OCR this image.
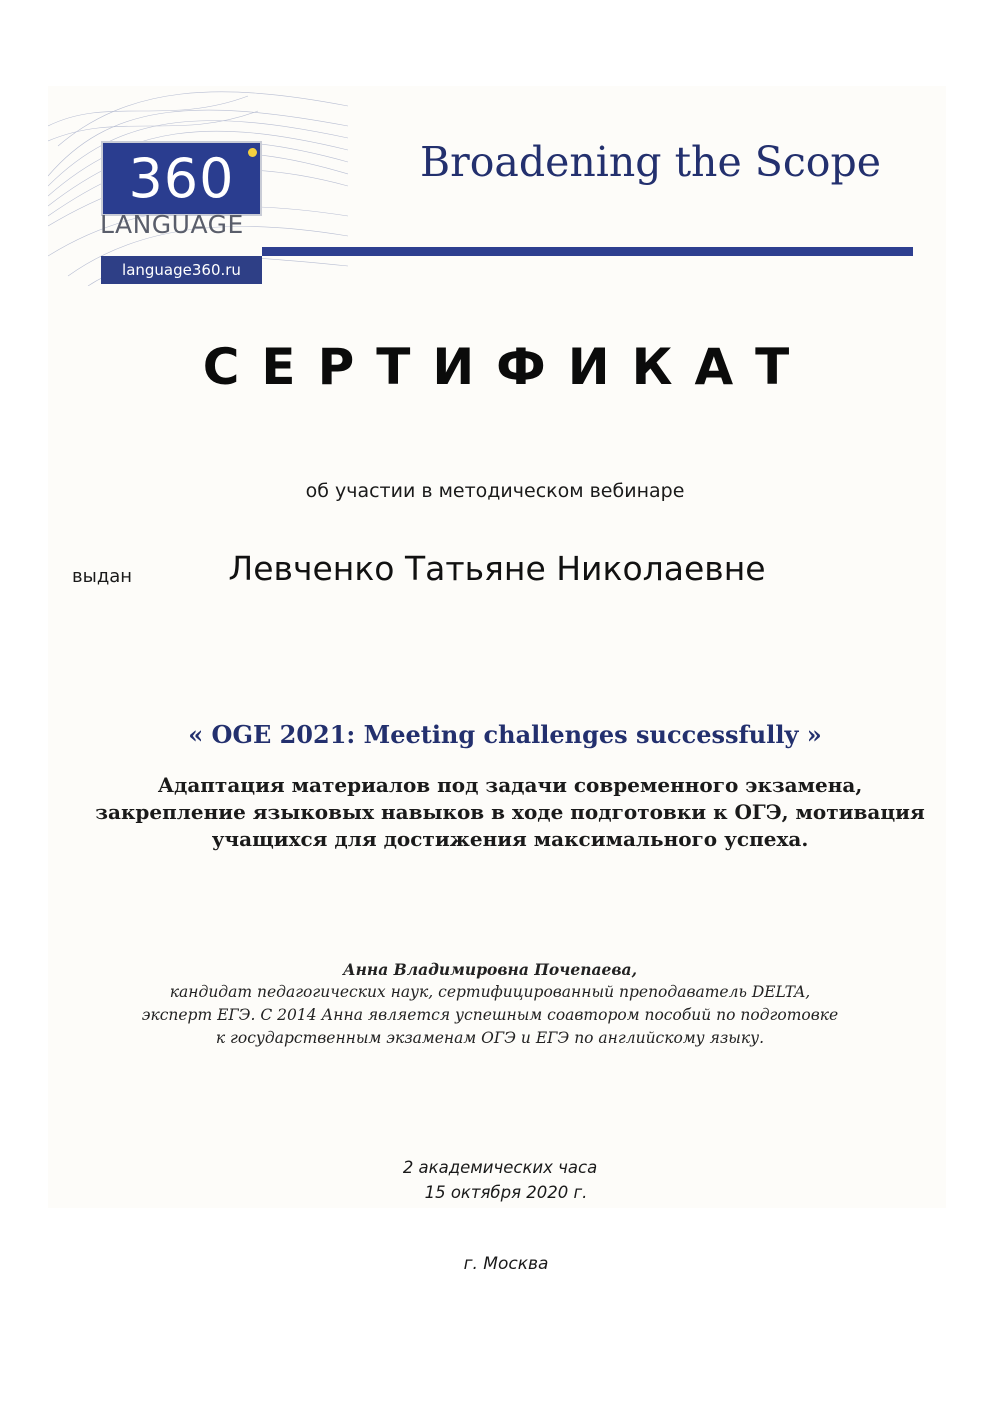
360
LANGUAGE
language360.ru
Broadening the Scope
СЕРТИФИКАТ
об участии в методическом вебинаре
выдан	Левченко Татьяне Николаевне
« OGE 2021: Meeting challenges successfully »
Адаптация материалов под задачи современного экзамена,
закрепление языковых навыков в ходе подготовки к ОГЭ, мотивация
учащихся для достижения максимального успеха.
Анна Владимировна Почепаева,
кандидат педагогических наук, сертифицированный преподаватель DELTA,
эксперт ЕГЭ. С 2014 Анна является успешным соавтором пособий по подготовке
к государственным экзаменам ОГЭ и ЕГЭ по английскому языку.
2 академических часа
15 октября 2020 г.
г. Москва
